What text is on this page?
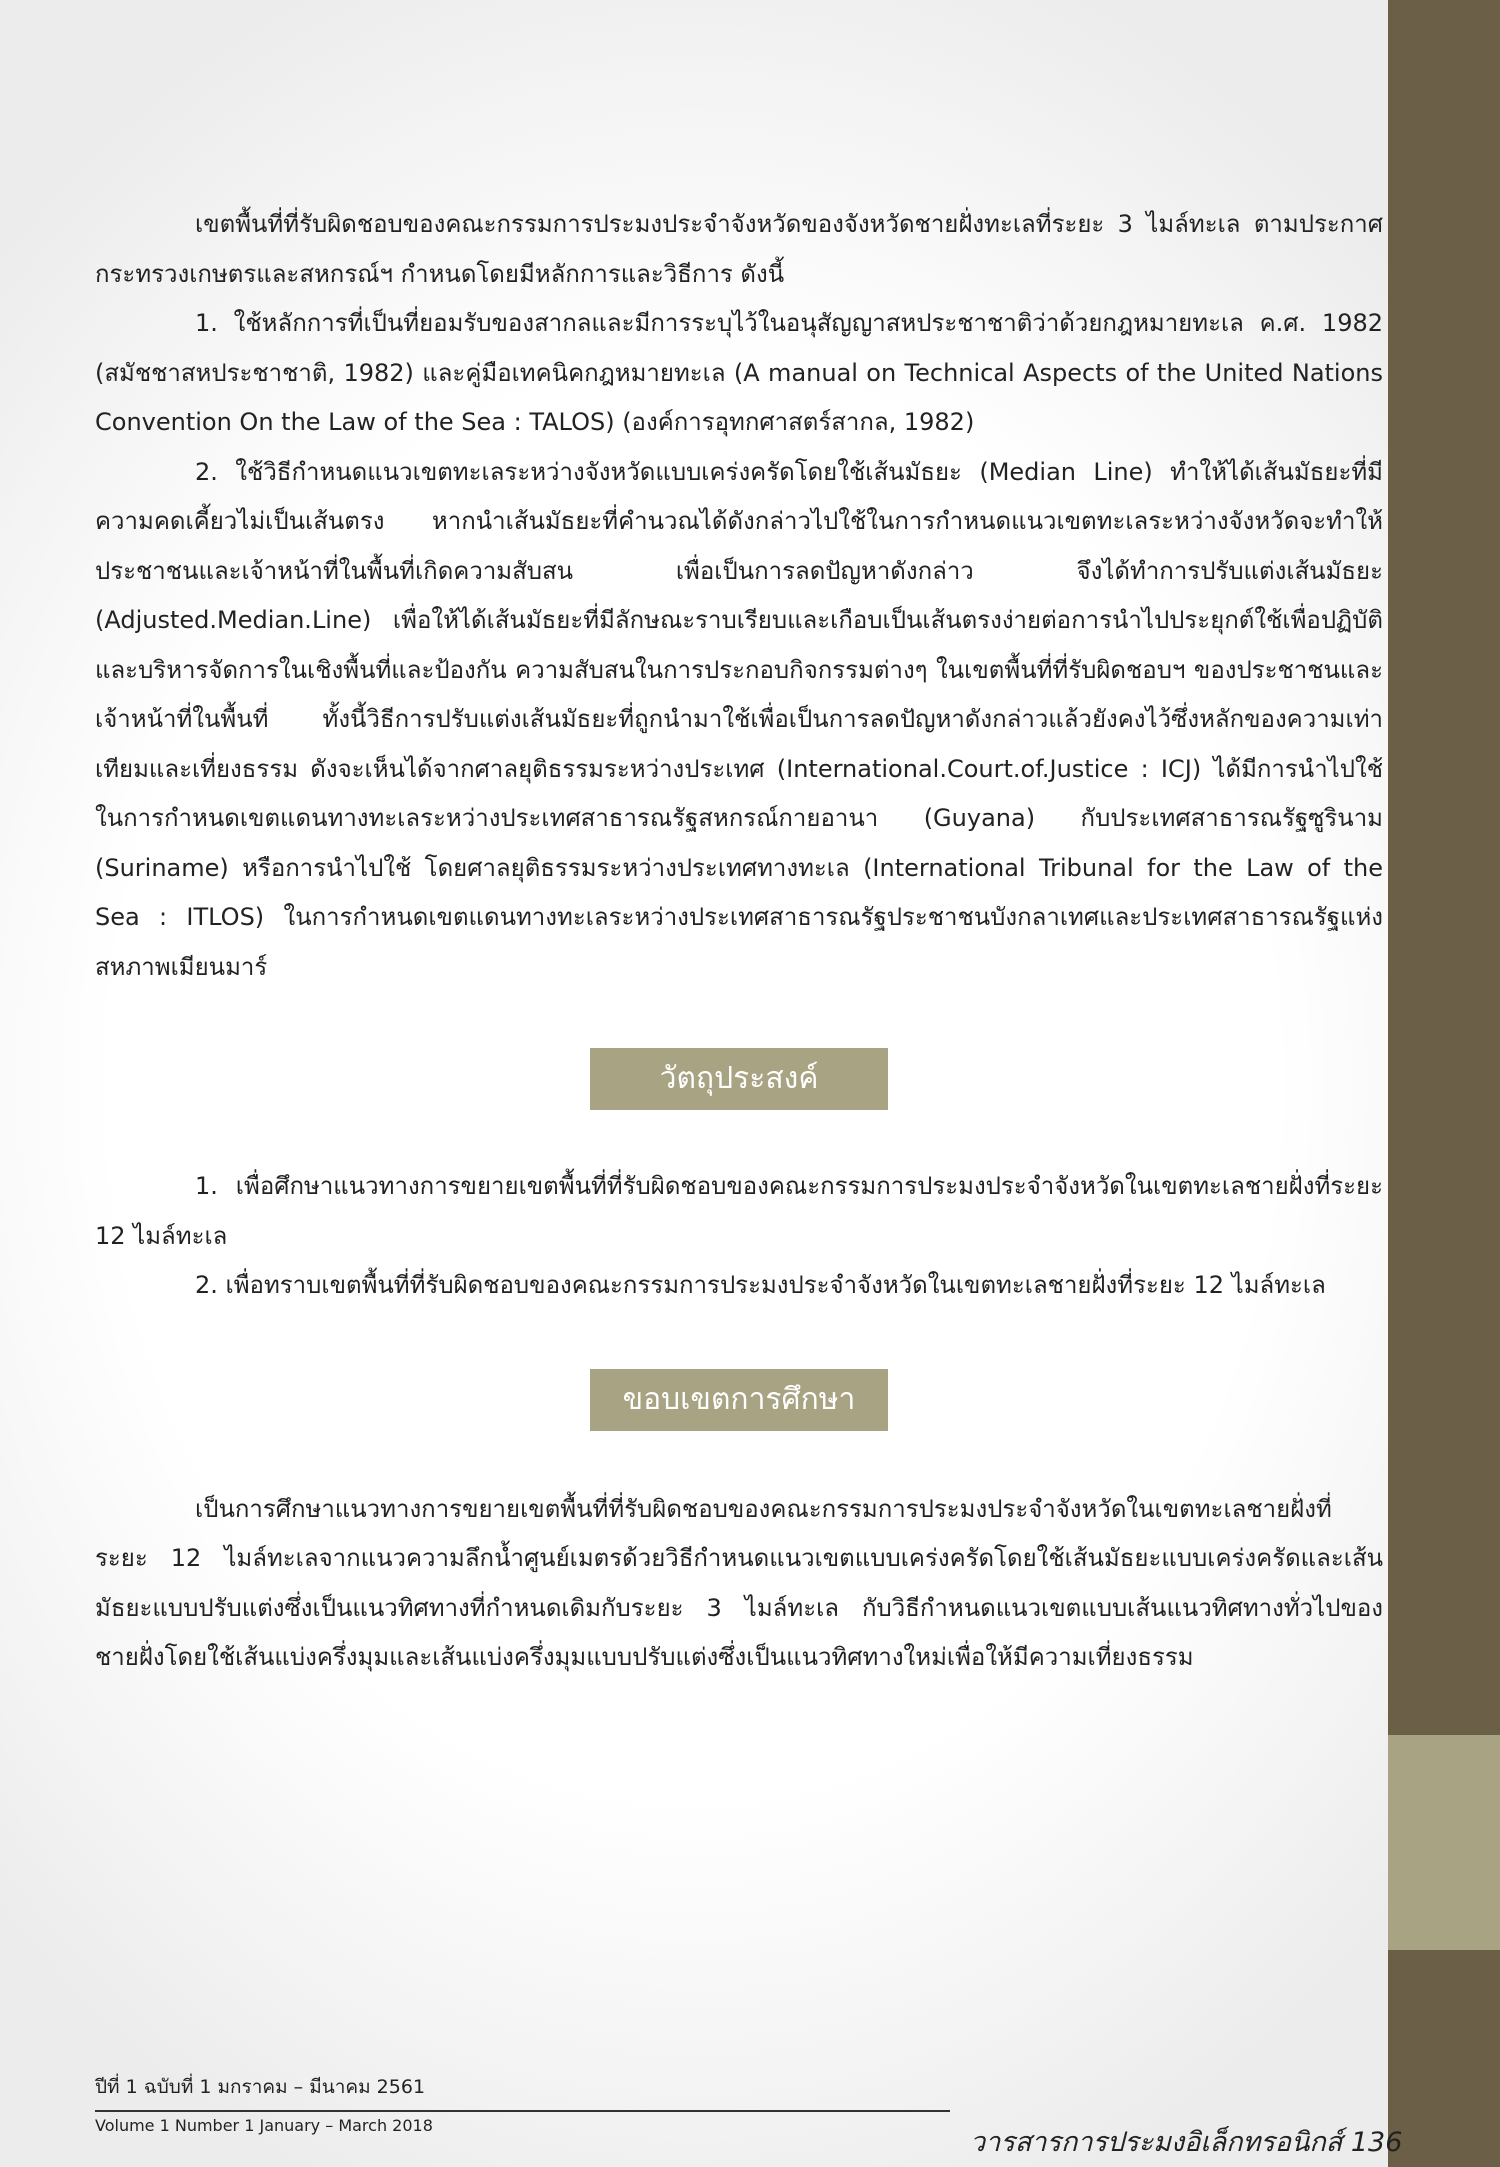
เขตพื้นที่ที่รับผิดชอบของคณะกรรมการประมงประจำจังหวัดของจังหวัดชายฝั่งทะเลที่ระยะ 3 ไมล์ทะเล ตามประกาศกระทรวงเกษตรและสหกรณ์ฯ กำหนดโดยมีหลักการและวิธีการ ดังนี้

1. ใช้หลักการที่เป็นที่ยอมรับของสากลและมีการระบุไว้ในอนุสัญญาสหประชาชาติว่าด้วยกฎหมายทะเล ค.ศ. 1982 (สมัชชาสหประชาชาติ, 1982) และคู่มือเทคนิคกฎหมายทะเล (A manual on Technical Aspects of the United Nations Convention On the Law of the Sea : TALOS) (องค์การอุทกศาสตร์สากล, 1982)

2. ใช้วิธีกำหนดแนวเขตทะเลระหว่างจังหวัดแบบเคร่งครัดโดยใช้เส้นมัธยะ (Median Line) ทำให้ได้เส้นมัธยะที่มีความคดเคี้ยวไม่เป็นเส้นตรง หากนำเส้นมัธยะที่คำนวณได้ดังกล่าวไปใช้ในการกำหนดแนวเขตทะเลระหว่างจังหวัดจะทำให้ประชาชนและเจ้าหน้าที่ในพื้นที่เกิดความสับสน เพื่อเป็นการลดปัญหาดังกล่าว จึงได้ทำการปรับแต่งเส้นมัธยะ (Adjusted.Median.Line) เพื่อให้ได้เส้นมัธยะที่มีลักษณะราบเรียบและเกือบเป็นเส้นตรงง่ายต่อการนำไปประยุกต์ใช้เพื่อปฏิบัติและบริหารจัดการในเชิงพื้นที่และป้องกัน ความสับสนในการประกอบกิจกรรมต่างๆ ในเขตพื้นที่ที่รับผิดชอบฯ ของประชาชนและเจ้าหน้าที่ในพื้นที่ ทั้งนี้วิธีการปรับแต่งเส้นมัธยะที่ถูกนำมาใช้เพื่อเป็นการลดปัญหาดังกล่าวแล้วยังคงไว้ซึ่งหลักของความเท่าเทียมและเที่ยงธรรม ดังจะเห็นได้จากศาลยุติธรรมระหว่างประเทศ (International.Court.of.Justice : ICJ) ได้มีการนำไปใช้ในการกำหนดเขตแดนทางทะเลระหว่างประเทศสาธารณรัฐสหกรณ์กายอานา (Guyana) กับประเทศสาธารณรัฐซูรินาม (Suriname) หรือการนำไปใช้ โดยศาลยุติธรรมระหว่างประเทศทางทะเล (International Tribunal for the Law of the Sea : ITLOS) ในการกำหนดเขตแดนทางทะเลระหว่างประเทศสาธารณรัฐประชาชนบังกลาเทศและประเทศสาธารณรัฐแห่งสหภาพเมียนมาร์

วัตถุประสงค์

1. เพื่อศึกษาแนวทางการขยายเขตพื้นที่ที่รับผิดชอบของคณะกรรมการประมงประจำจังหวัดในเขตทะเลชายฝั่งที่ระยะ 12 ไมล์ทะเล

2. เพื่อทราบเขตพื้นที่ที่รับผิดชอบของคณะกรรมการประมงประจำจังหวัดในเขตทะเลชายฝั่งที่ระยะ 12 ไมล์ทะเล

ขอบเขตการศึกษา

เป็นการศึกษาแนวทางการขยายเขตพื้นที่ที่รับผิดชอบของคณะกรรมการประมงประจำจังหวัดในเขตทะเลชายฝั่งที่ระยะ 12 ไมล์ทะเลจากแนวความลึกน้ำศูนย์เมตรด้วยวิธีกำหนดแนวเขตแบบเคร่งครัดโดยใช้เส้นมัธยะแบบเคร่งครัดและเส้นมัธยะแบบปรับแต่งซึ่งเป็นแนวทิศทางที่กำหนดเดิมกับระยะ 3 ไมล์ทะเล กับวิธีกำหนดแนวเขตแบบเส้นแนวทิศทางทั่วไปของชายฝั่งโดยใช้เส้นแบ่งครึ่งมุมและเส้นแบ่งครึ่งมุมแบบปรับแต่งซึ่งเป็นแนวทิศทางใหม่เพื่อให้มีความเที่ยงธรรม

ปีที่ 1 ฉบับที่ 1 มกราคม – มีนาคม 2561
Volume 1 Number 1 January – March 2018
วารสารการประมงอิเล็กทรอนิกส์ 136
